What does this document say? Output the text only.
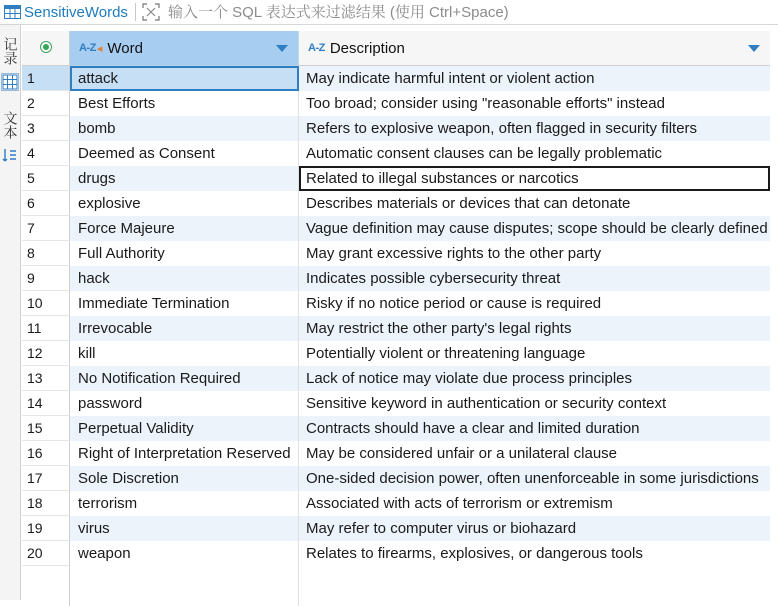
SensitiveWords
输入一个 SQL 表达式来过滤结果 (使用 Ctrl+Space)
记录
文本
A-Z ◂ Word	A-Z Description
1	attack	May indicate harmful intent or violent action
2	Best Efforts	Too broad; consider using "reasonable efforts" instead
3	bomb	Refers to explosive weapon, often flagged in security filters
4	Deemed as Consent	Automatic consent clauses can be legally problematic
5	drugs	Related to illegal substances or narcotics
6	explosive	Describes materials or devices that can detonate
7	Force Majeure	Vague definition may cause disputes; scope should be clearly defined
8	Full Authority	May grant excessive rights to the other party
9	hack	Indicates possible cybersecurity threat
10	Immediate Termination	Risky if no notice period or cause is required
11	Irrevocable	May restrict the other party's legal rights
12	kill	Potentially violent or threatening language
13	No Notification Required	Lack of notice may violate due process principles
14	password	Sensitive keyword in authentication or security context
15	Perpetual Validity	Contracts should have a clear and limited duration
16	Right of Interpretation Reserved	May be considered unfair or a unilateral clause
17	Sole Discretion	One-sided decision power, often unenforceable in some jurisdictions
18	terrorism	Associated with acts of terrorism or extremism
19	virus	May refer to computer virus or biohazard
20	weapon	Relates to firearms, explosives, or dangerous tools
